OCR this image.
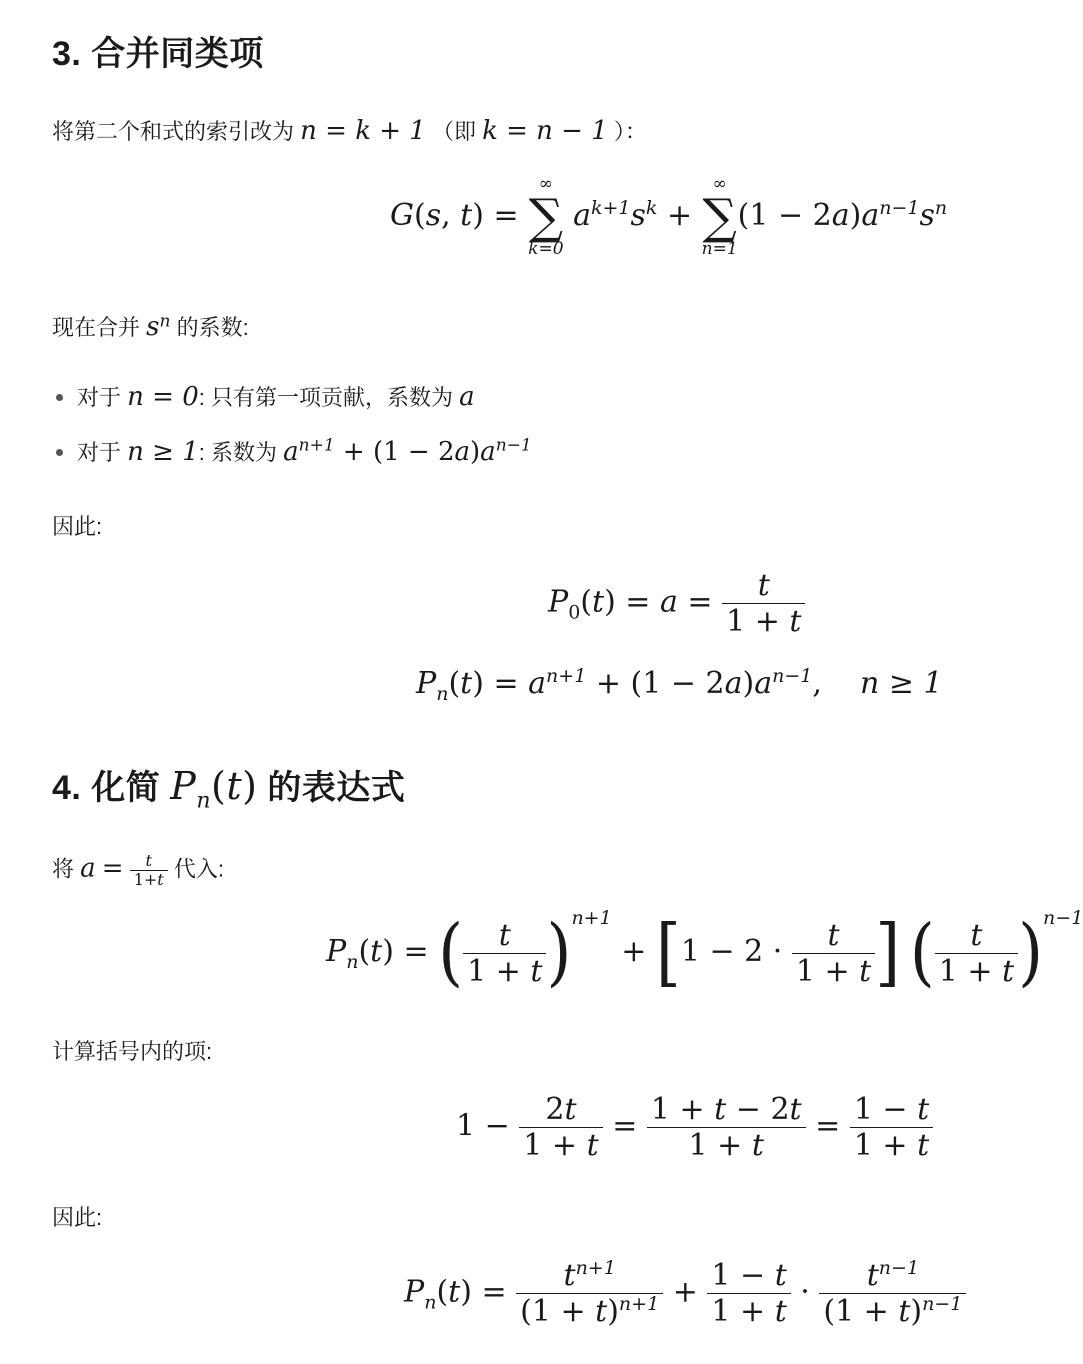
3. 合并同类项
将第二个和式的索引改为 n = k + 1 （即 k = n − 1 ）：
G(s, t) =
∞
∑
k=0
$a^{k+1}s^k$ +
∞
∑
n=1
$(1 - 2a)a^{n-1}s^n$
现在合并 $s^n$ 的系数:
对于 n = 0: 只有第一项贡献，系数为 a
对于 n ≥ 1: 系数为 $a^{n+1} + (1 - 2a)a^{n-1}$
因此:
$P_0(t) = a = \frac{t}{1 + t}$
$P_n(t) = a^{n+1} + (1 - 2a)a^{n-1}$,    n ≥ 1
4. 化简 $P_n(t)$ 的表达式
将 $a = \frac{t}{1+t}$ 代入:
$P_n(t)$ = ( $\frac{t}{1 + t} )^{n+1} + [1 - 2 \cdot \frac{t}{1 + t}$ ] ( $\frac{t}{1 + t} )^{n-1}$
计算括号内的项:
$1 - \frac{2t}{1 + t} = \frac{1 + t - 2t}{1 + t} = \frac{1 - t}{1 + t}$
因此:
$P_n(t) = \frac{t^{n+1}}{(1 + t)^{n+1}} + \frac{1 - t}{1 + t} \cdot \frac{t^{n-1}}{(1 + t)^{n-1}}$
